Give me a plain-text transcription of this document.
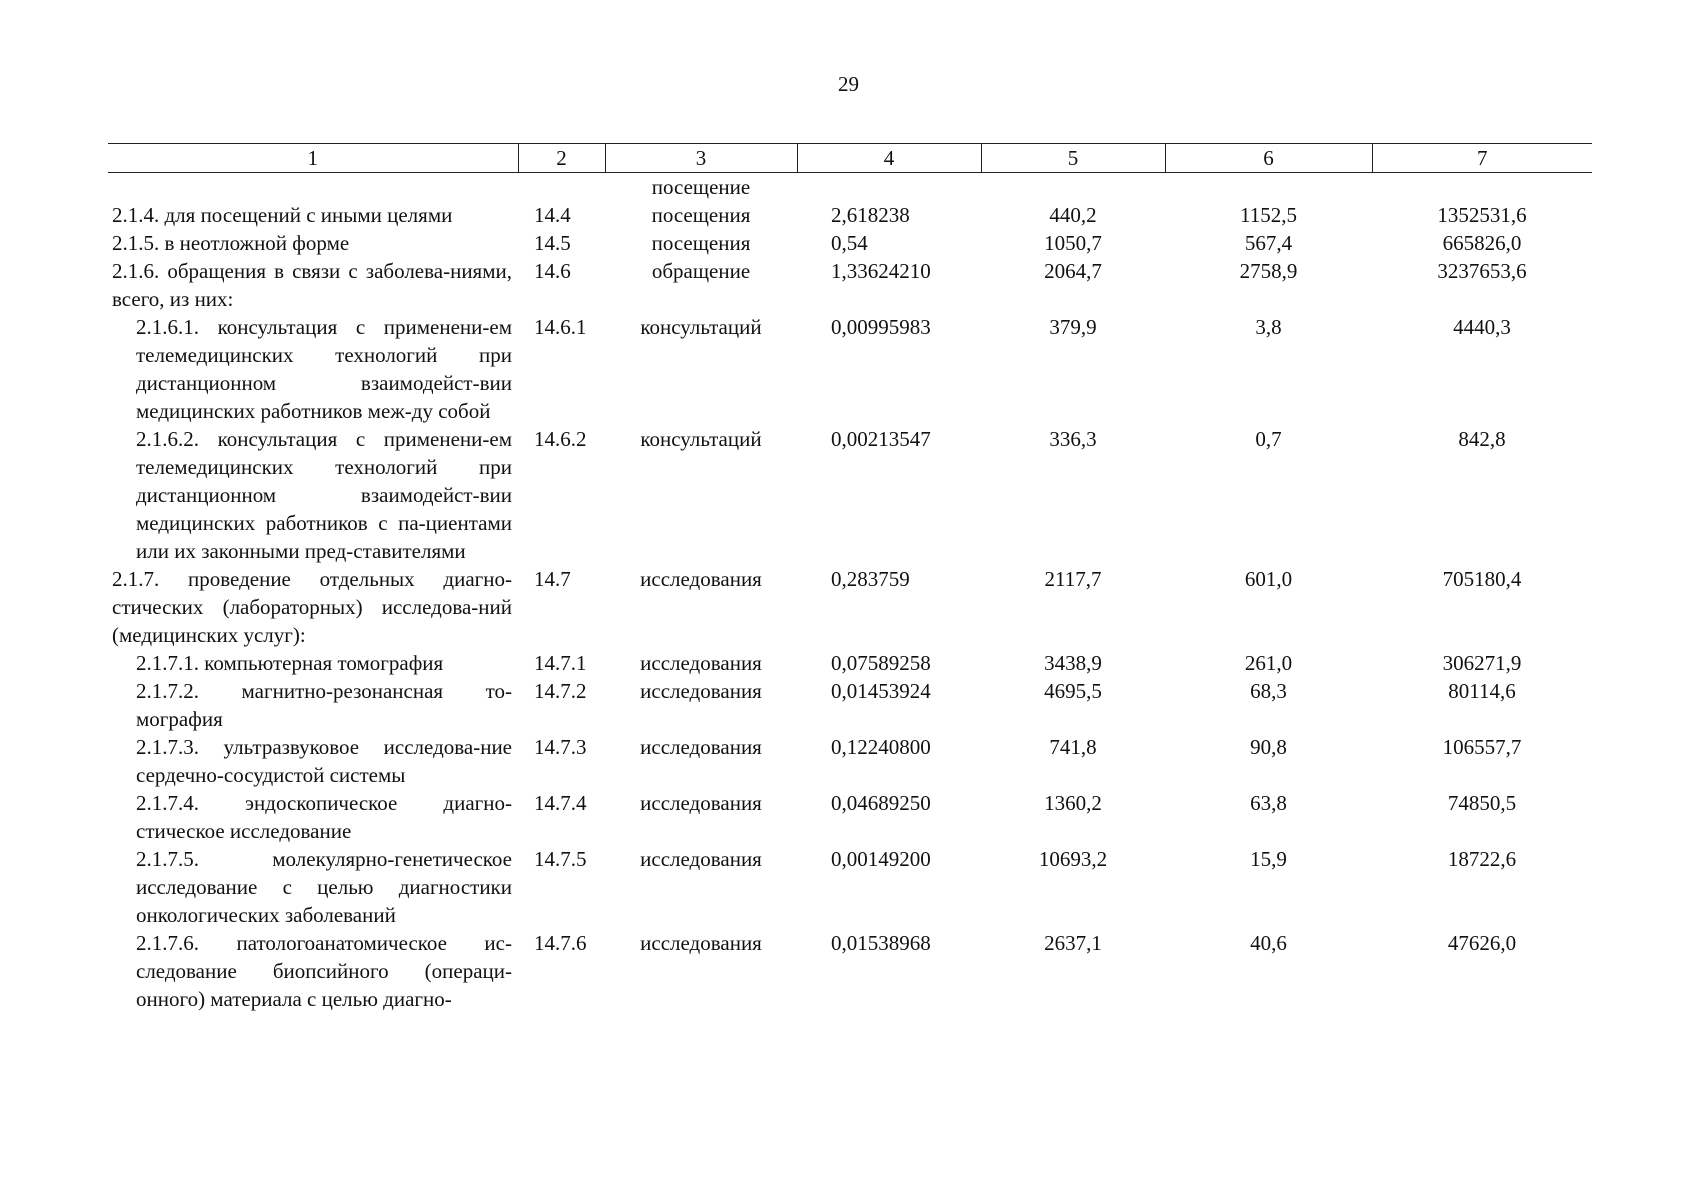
29
1	2	3	4	5	6	7
		посещение				
2.1.4. для посещений с иными целями	14.4	посещения	2,618238	440,2	1152,5	1352531,6
2.1.5. в неотложной форме	14.5	посещения	0,54	1050,7	567,4	665826,0
2.1.6. обращения в связи с заболева-ниями, всего, из них:	14.6	обращение	1,33624210	2064,7	2758,9	3237653,6
2.1.6.1. консультация с применени-ем телемедицинских технологий при дистанционном взаимодейст-вии медицинских работников меж-ду собой	14.6.1	консультаций	0,00995983	379,9	3,8	4440,3
2.1.6.2. консультация с применени-ем телемедицинских технологий при дистанционном взаимодейст-вии медицинских работников с па-циентами или их законными пред-ставителями	14.6.2	консультаций	0,00213547	336,3	0,7	842,8
2.1.7. проведение отдельных диагно-стических (лабораторных) исследова-ний (медицинских услуг):	14.7	исследования	0,283759	2117,7	601,0	705180,4
2.1.7.1. компьютерная томография	14.7.1	исследования	0,07589258	3438,9	261,0	306271,9
2.1.7.2. магнитно-резонансная то-мография	14.7.2	исследования	0,01453924	4695,5	68,3	80114,6
2.1.7.3. ультразвуковое исследова-ние сердечно-сосудистой системы	14.7.3	исследования	0,12240800	741,8	90,8	106557,7
2.1.7.4. эндоскопическое диагно-стическое исследование	14.7.4	исследования	0,04689250	1360,2	63,8	74850,5
2.1.7.5. молекулярно-генетическое исследование с целью диагностики онкологических заболеваний	14.7.5	исследования	0,00149200	10693,2	15,9	18722,6
2.1.7.6. патологоанатомическое ис-следование биопсийного (операци-онного) материала с целью диагно-	14.7.6	исследования	0,01538968	2637,1	40,6	47626,0
